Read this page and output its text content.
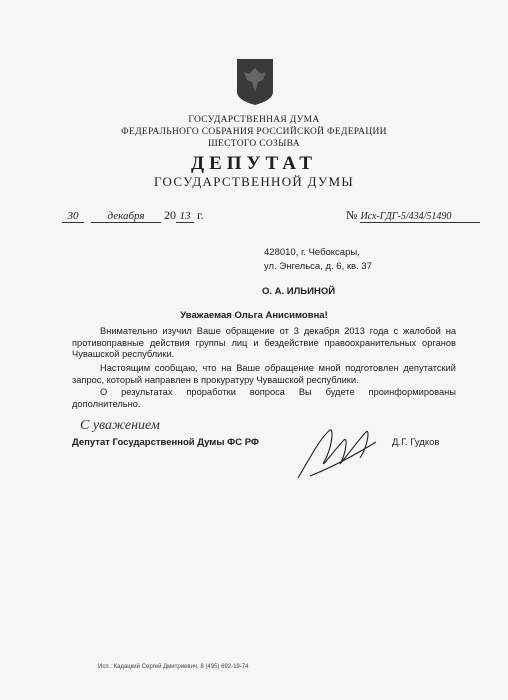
ГОСУДАРСТВЕННАЯ ДУМА
ФЕДЕРАЛЬНОГО СОБРАНИЯ РОССИЙСКОЙ ФЕДЕРАЦИИ
ШЕСТОГО СОЗЫВА
ДЕПУТАТ
ГОСУДАРСТВЕННОЙ ДУМЫ
30	декабря 20 13 г.	№ Исх-ГДГ-5/434/51490
428010, г. Чебоксары,
ул. Энгельса, д. 6, кв. 37
О. А. ИЛЬИНОЙ
Уважаемая Ольга Анисимовна!
Внимательно изучил Ваше обращение от 3 декабря 2013 года с жалобой на противоправные действия группы лиц и бездействие правоохранительных органов Чувашской республики.
Настоящим сообщаю, что на Ваше обращение мной подготовлен депутатский запрос, который направлен в прокуратуру Чувашской республики.
О результатах проработки вопроса Вы будете проинформированы дополнительно.
С уважением
Депутат Государственной Думы ФС РФ	Д.Г. Гудков
Исп.: Кадацкий Сергей Дмитриевич, 8 (495) 692-19-74
